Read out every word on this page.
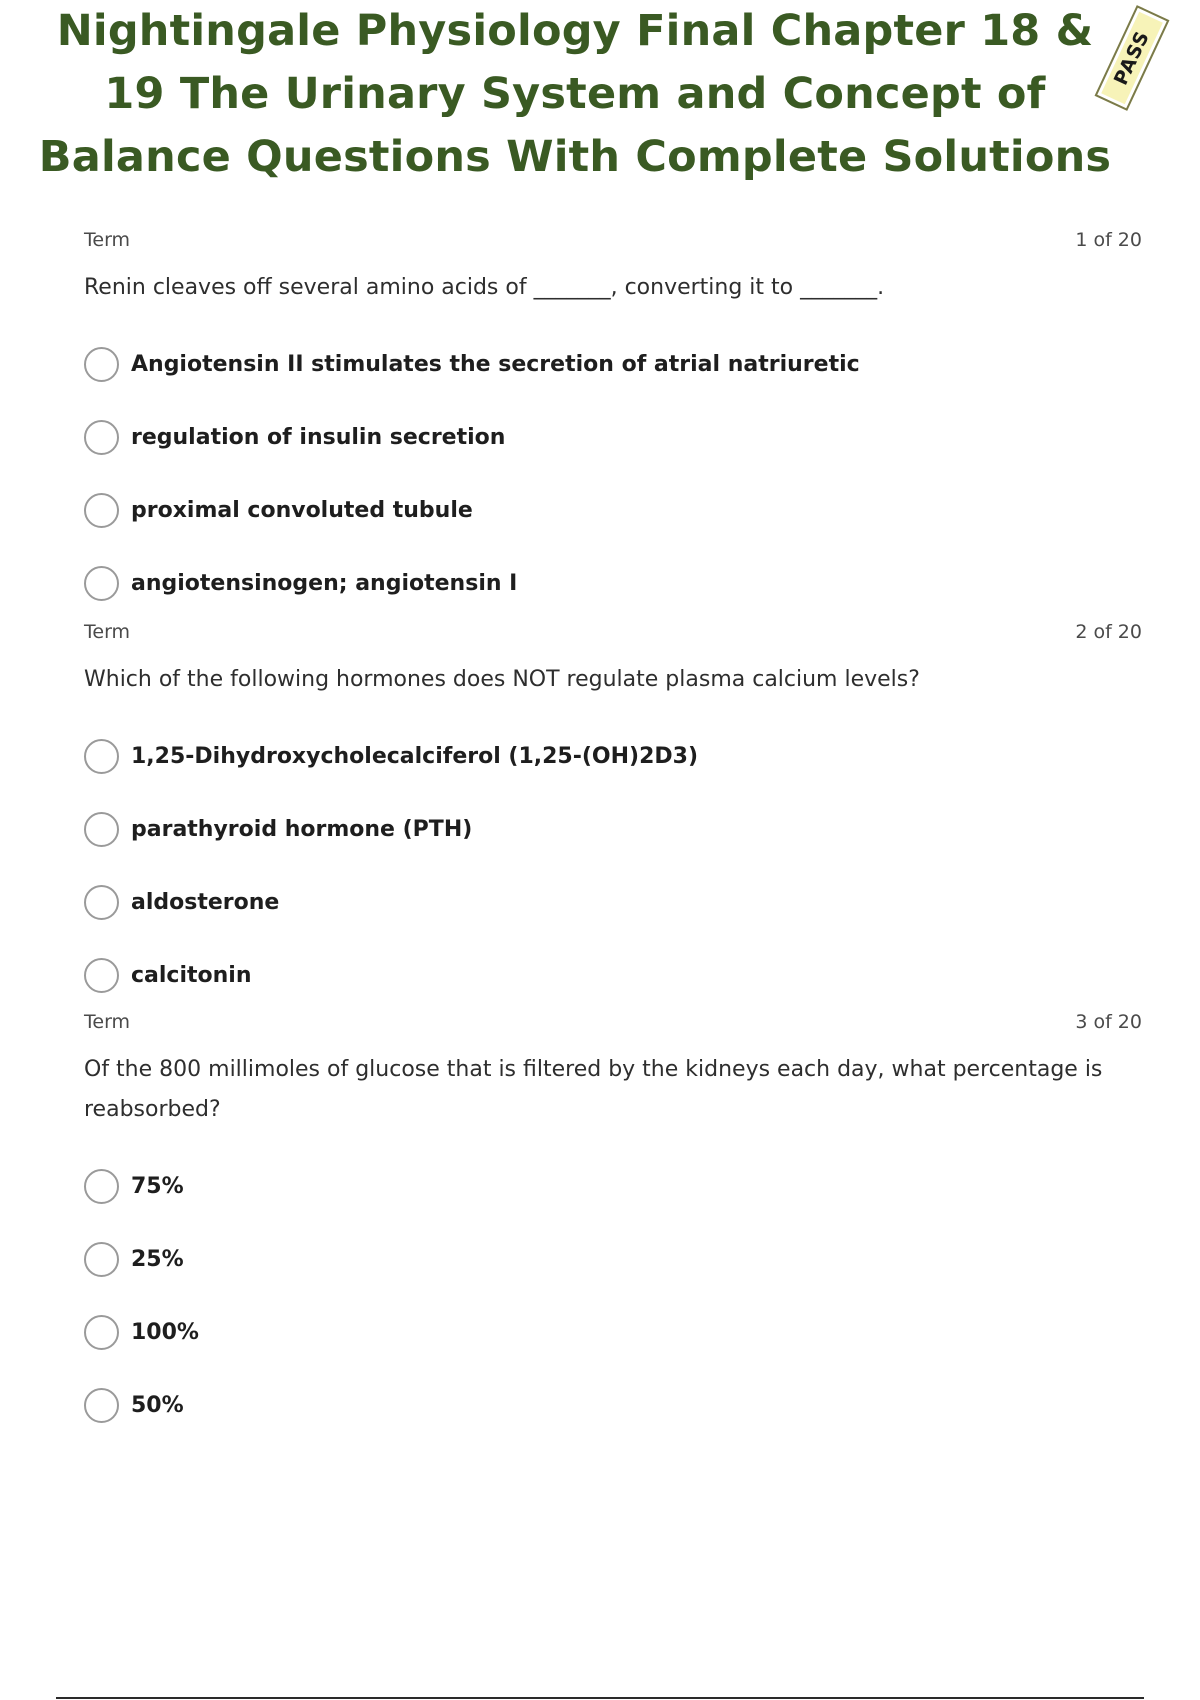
Nightingale Physiology Final Chapter 18 &
19 The Urinary System and Concept of
Balance Questions With Complete Solutions
PASS
Term	1 of 20
Renin cleaves off several amino acids of _______, converting it to _______.
Angiotensin II stimulates the secretion of atrial natriuretic
regulation of insulin secretion
proximal convoluted tubule
angiotensinogen; angiotensin I
Term	2 of 20
Which of the following hormones does NOT regulate plasma calcium levels?
1,25-Dihydroxycholecalciferol (1,25-(OH)2D3)
parathyroid hormone (PTH)
aldosterone
calcitonin
Term	3 of 20
Of the 800 millimoles of glucose that is filtered by the kidneys each day, what percentage is reabsorbed?
75%
25%
100%
50%
